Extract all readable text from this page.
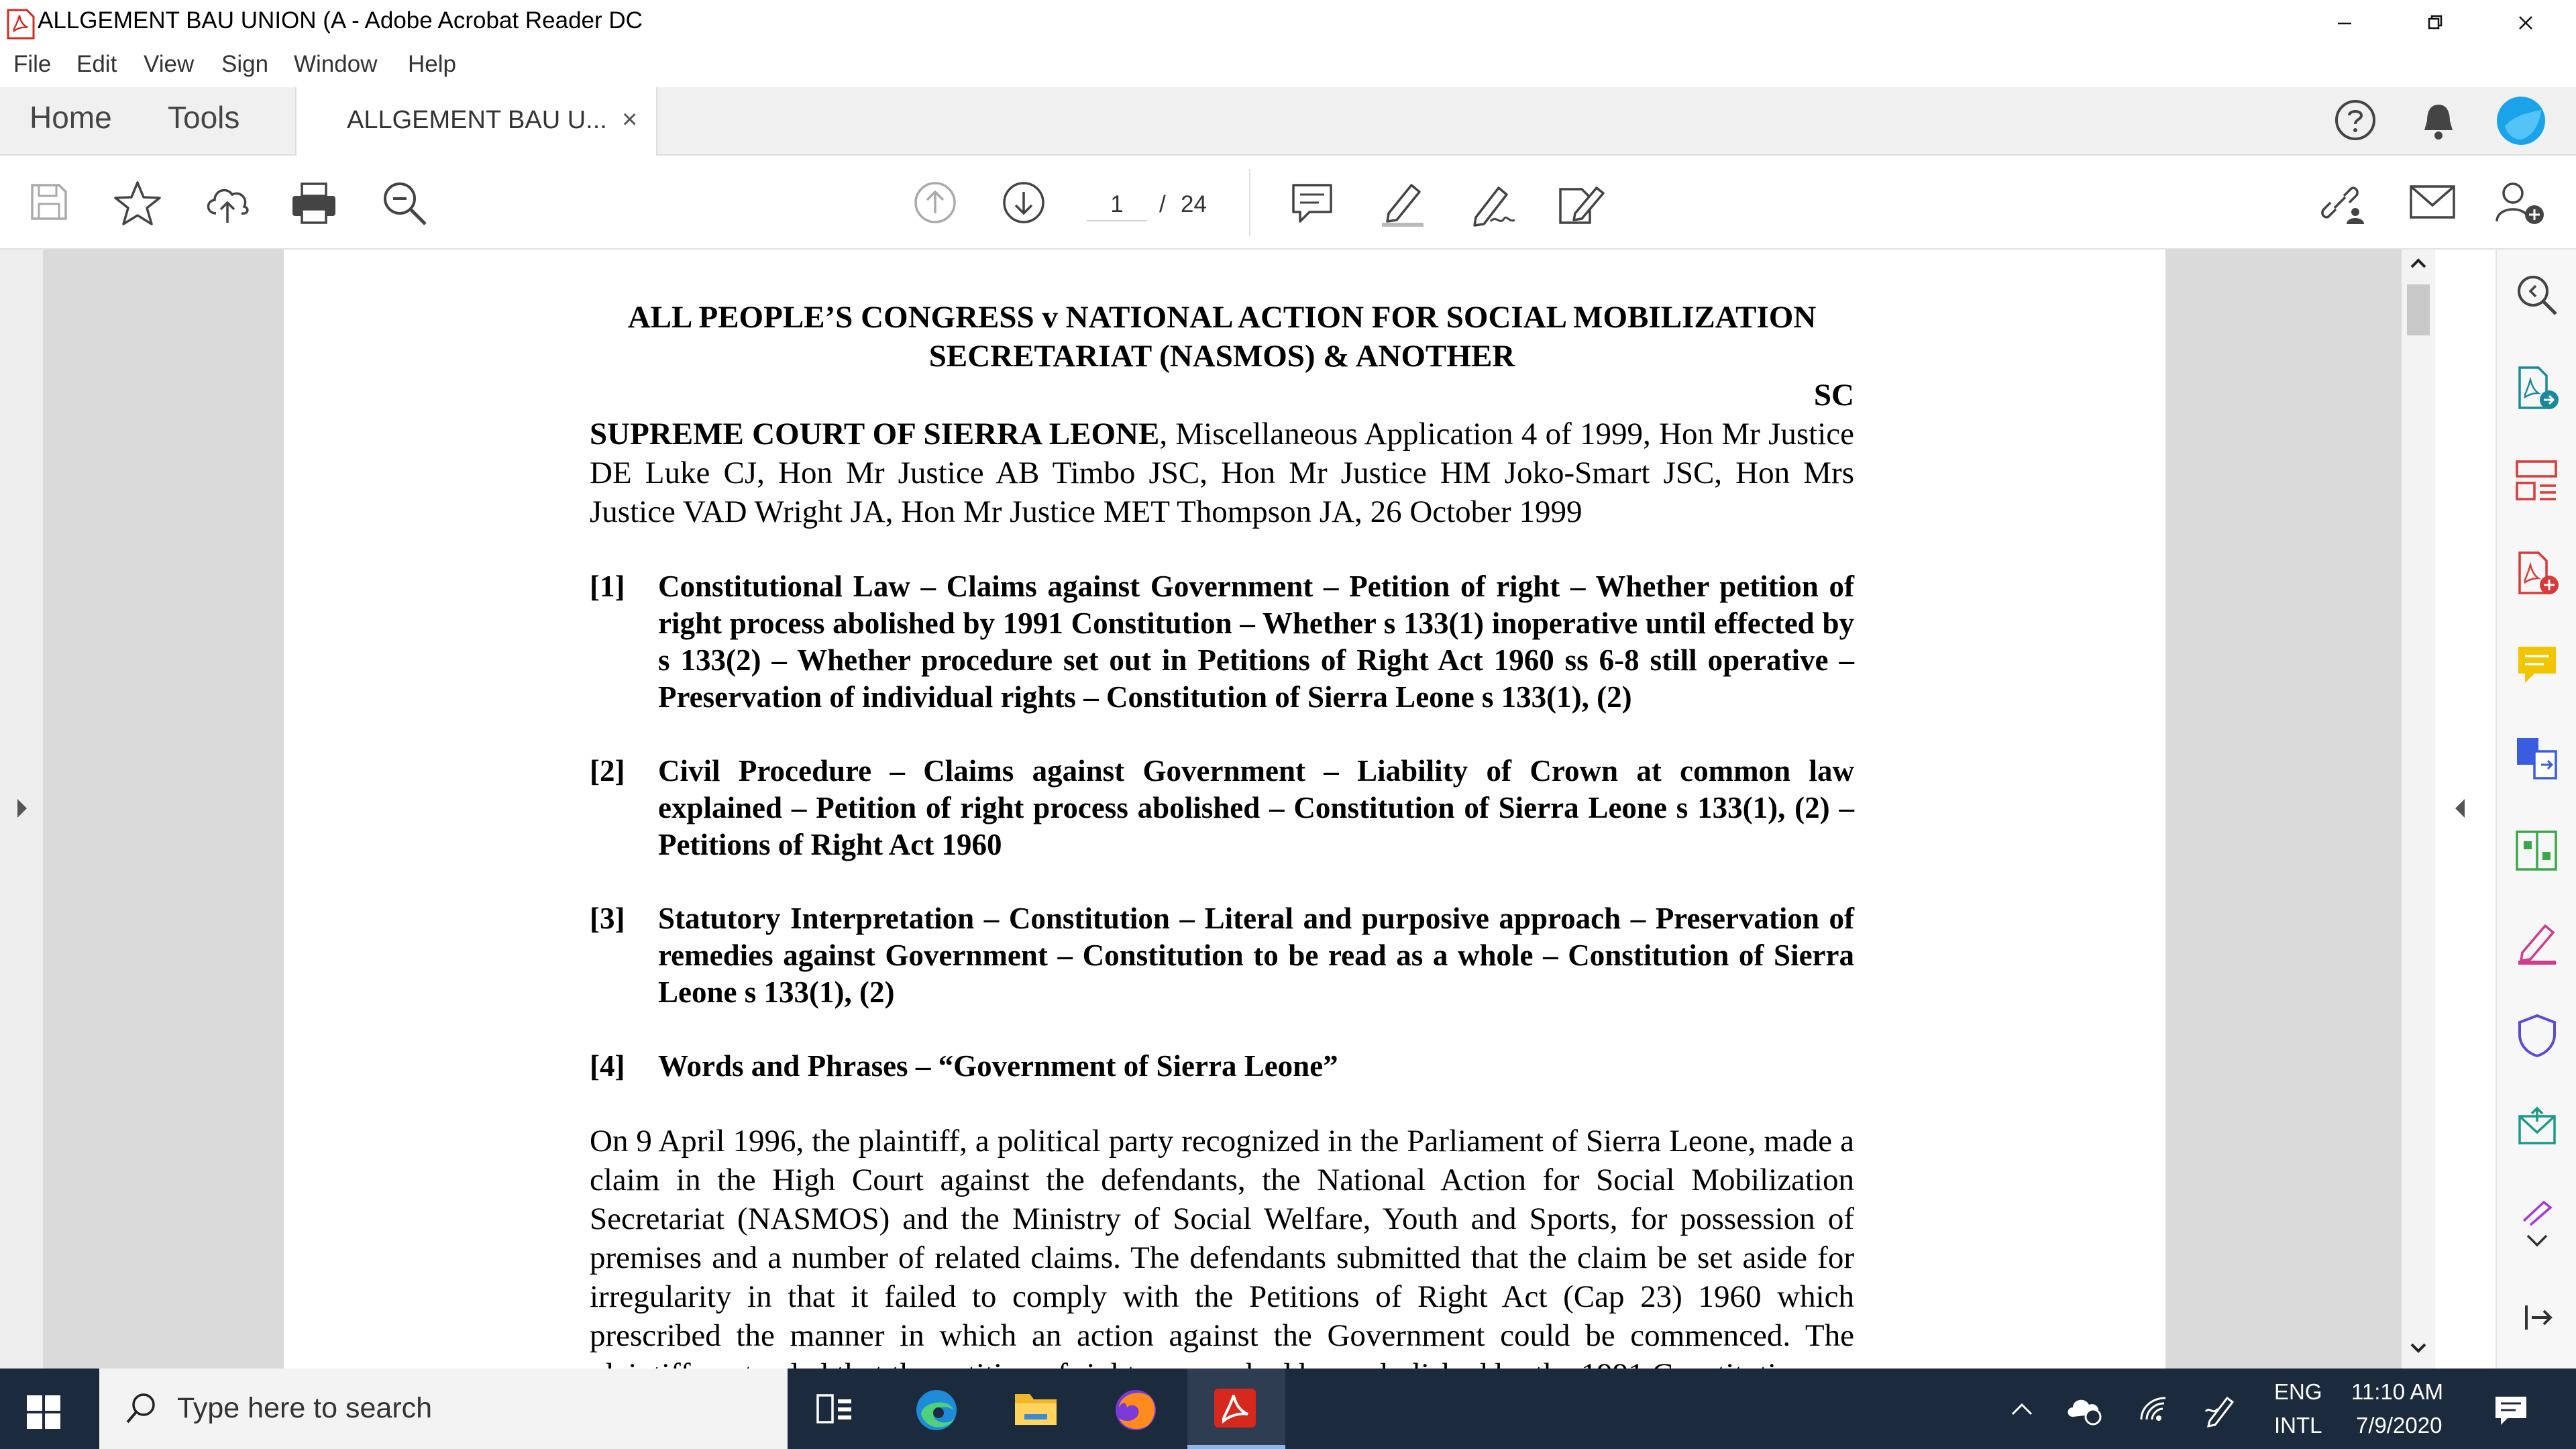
ALLGEMENT BAU UNION (A - Adobe Acrobat Reader DC
File Edit View Sign Window Help
Home Tools	ALLGEMENT BAU U... ×
1	/ 24
ALL PEOPLE’S CONGRESS v NATIONAL ACTION FOR SOCIAL MOBILIZATION
SECRETARIAT (NASMOS) & ANOTHER
SC
SUPREME COURT OF SIERRA LEONE, Miscellaneous Application 4 of 1999, Hon Mr Justice DE Luke CJ, Hon Mr Justice AB Timbo JSC, Hon Mr Justice HM Joko-Smart JSC, Hon Mrs Justice VAD Wright JA, Hon Mr Justice MET Thompson JA, 26 October 1999
[1] Constitutional Law – Claims against Government – Petition of right – Whether petition of right process abolished by 1991 Constitution – Whether s 133(1) inoperative until effected by s 133(2) – Whether procedure set out in Petitions of Right Act 1960 ss 6-8 still operative – Preservation of individual rights – Constitution of Sierra Leone s 133(1), (2)
[2] Civil Procedure – Claims against Government – Liability of Crown at common law explained – Petition of right process abolished – Constitution of Sierra Leone s 133(1), (2) – Petitions of Right Act 1960
[3] Statutory Interpretation – Constitution – Literal and purposive approach – Preservation of remedies against Government – Constitution to be read as a whole – Constitution of Sierra Leone s 133(1), (2)
[4] Words and Phrases – “Government of Sierra Leone”
On 9 April 1996, the plaintiff, a political party recognized in the Parliament of Sierra Leone, made a claim in the High Court against the defendants, the National Action for Social Mobilization Secretariat (NASMOS) and the Ministry of Social Welfare, Youth and Sports, for possession of premises and a number of related claims. The defendants submitted that the claim be set aside for irregularity in that it failed to comply with the Petitions of Right Act (Cap 23) 1960 which prescribed the manner in which an action against the Government could be commenced. The
Type here to search
ENG
INTL
11:10 AM
7/9/2020
